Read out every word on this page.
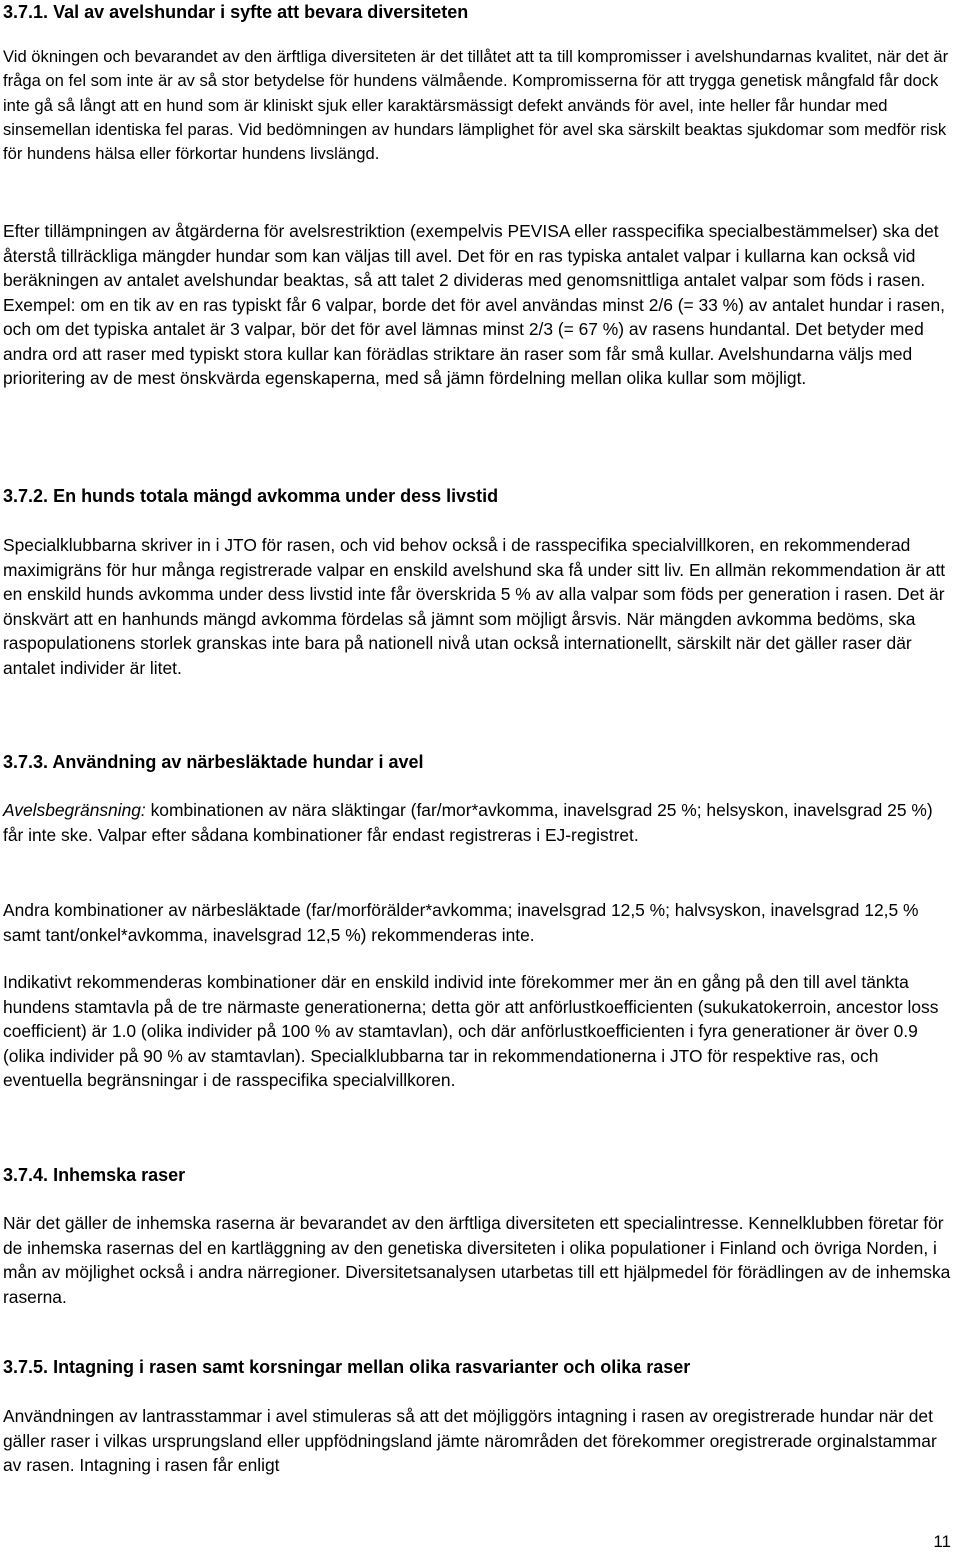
3.7.1. Val av avelshundar i syfte att bevara diversiteten

Vid ökningen och bevarandet av den ärftliga diversiteten är det tillåtet att ta till kompromisser i avelshundarnas kvalitet, när det är fråga on fel som inte är av så stor betydelse för hundens välmående. Kompromisserna för att trygga genetisk mångfald får dock inte gå så långt att en hund som är kliniskt sjuk eller karaktärsmässigt defekt används för avel, inte heller får hundar med sinsemellan identiska fel paras. Vid bedömningen av hundars lämplighet för avel ska särskilt beaktas sjukdomar som medför risk för hundens hälsa eller förkortar hundens livslängd.

Efter tillämpningen av åtgärderna för avelsrestriktion (exempelvis PEVISA eller rasspecifika specialbestämmelser) ska det återstå tillräckliga mängder hundar som kan väljas till avel. Det för en ras typiska antalet valpar i kullarna kan också vid beräkningen av antalet avelshundar beaktas, så att talet 2 divideras med genomsnittliga antalet valpar som föds i rasen. Exempel: om en tik av en ras typiskt får 6 valpar, borde det för avel användas minst 2/6 (= 33 %) av antalet hundar i rasen, och om det typiska antalet är 3 valpar, bör det för avel lämnas minst 2/3 (= 67 %) av rasens hundantal. Det betyder med andra ord att raser med typiskt stora kullar kan förädlas striktare än raser som får små kullar. Avelshundarna väljs med prioritering av de mest önskvärda egenskaperna, med så jämn fördelning mellan olika kullar som möjligt.

3.7.2. En hunds totala mängd avkomma under dess livstid

Specialklubbarna skriver in i JTO för rasen, och vid behov också i de rasspecifika specialvillkoren, en rekommenderad maximigräns för hur många registrerade valpar en enskild avelshund ska få under sitt liv. En allmän rekommendation är att en enskild hunds avkomma under dess livstid inte får överskrida 5 % av alla valpar som föds per generation i rasen. Det är önskvärt att en hanhunds mängd avkomma fördelas så jämnt som möjligt årsvis. När mängden avkomma bedöms, ska raspopulationens storlek granskas inte bara på nationell nivå utan också internationellt, särskilt när det gäller raser där antalet individer är litet.

3.7.3. Användning av närbesläktade hundar i avel

Avelsbegränsning: kombinationen av nära släktingar (far/mor*avkomma, inavelsgrad 25 %; helsyskon, inavelsgrad 25 %) får inte ske. Valpar efter sådana kombinationer får endast registreras i EJ-registret.

Andra kombinationer av närbesläktade (far/morförälder*avkomma; inavelsgrad 12,5 %; halvsyskon, inavelsgrad 12,5 % samt tant/onkel*avkomma, inavelsgrad 12,5 %) rekommenderas inte.

Indikativt rekommenderas kombinationer där en enskild individ inte förekommer mer än en gång på den till avel tänkta hundens stamtavla på de tre närmaste generationerna; detta gör att anförlustkoefficienten (sukukatokerroin, ancestor loss coefficient) är 1.0 (olika individer på 100 % av stamtavlan), och där anförlustkoefficienten i fyra generationer är över 0.9 (olika individer på 90 % av stamtavlan). Specialklubbarna tar in rekommendationerna i JTO för respektive ras, och eventuella begränsningar i de rasspecifika specialvillkoren.

3.7.4. Inhemska raser

När det gäller de inhemska raserna är bevarandet av den ärftliga diversiteten ett specialintresse. Kennelklubben företar för de inhemska rasernas del en kartläggning av den genetiska diversiteten i olika populationer i Finland och övriga Norden, i mån av möjlighet också i andra närregioner. Diversitetsanalysen utarbetas till ett hjälpmedel för förädlingen av de inhemska raserna.

3.7.5. Intagning i rasen samt korsningar mellan olika rasvarianter och olika raser

Användningen av lantrasstammar i avel stimuleras så att det möjliggörs intagning i rasen av oregistrerade hundar när det gäller raser i vilkas ursprungsland eller uppfödningsland jämte närområden det förekommer oregistrerade orginalstammar av rasen. Intagning i rasen får enligt

11
